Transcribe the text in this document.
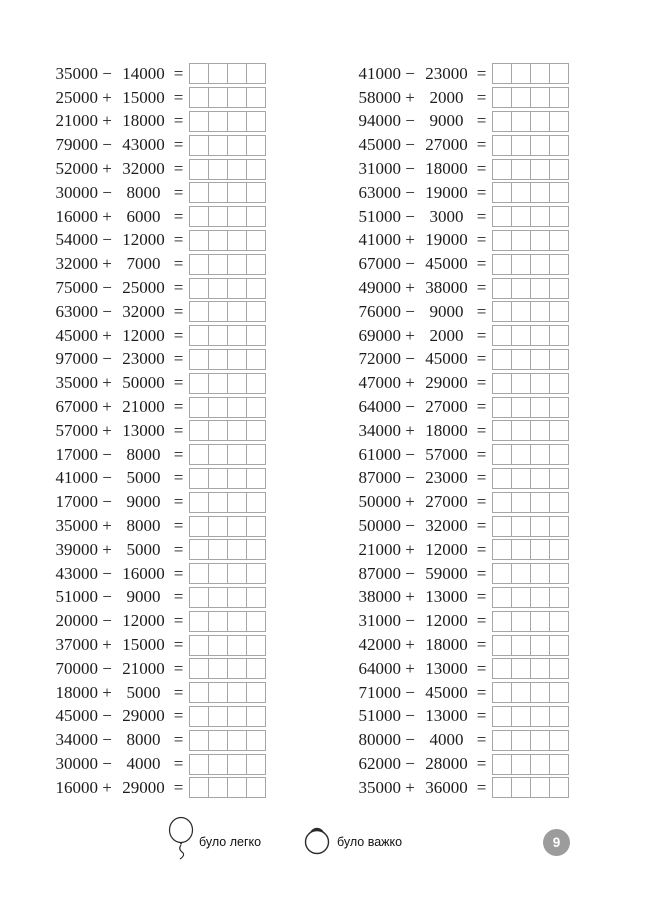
35000 − 14000 =
25000 + 15000 =
21000 + 18000 =
79000 − 43000 =
52000 + 32000 =
30000 − 8000 =
16000 + 6000 =
54000 − 12000 =
32000 + 7000 =
75000 − 25000 =
63000 − 32000 =
45000 + 12000 =
97000 − 23000 =
35000 + 50000 =
67000 + 21000 =
57000 + 13000 =
17000 − 8000 =
41000 − 5000 =
17000 − 9000 =
35000 + 8000 =
39000 + 5000 =
43000 − 16000 =
51000 − 9000 =
20000 − 12000 =
37000 + 15000 =
70000 − 21000 =
18000 + 5000 =
45000 − 29000 =
34000 − 8000 =
30000 − 4000 =
16000 + 29000 =
41000 − 23000 =
58000 + 2000 =
94000 − 9000 =
45000 − 27000 =
31000 − 18000 =
63000 − 19000 =
51000 − 3000 =
41000 + 19000 =
67000 − 45000 =
49000 + 38000 =
76000 − 9000 =
69000 + 2000 =
72000 − 45000 =
47000 + 29000 =
64000 − 27000 =
34000 + 18000 =
61000 − 57000 =
87000 − 23000 =
50000 + 27000 =
50000 − 32000 =
21000 + 12000 =
87000 − 59000 =
38000 + 13000 =
31000 − 12000 =
42000 + 18000 =
64000 + 13000 =
71000 − 45000 =
51000 − 13000 =
80000 − 4000 =
62000 − 28000 =
35000 + 36000 =
було легко	було важко	9
